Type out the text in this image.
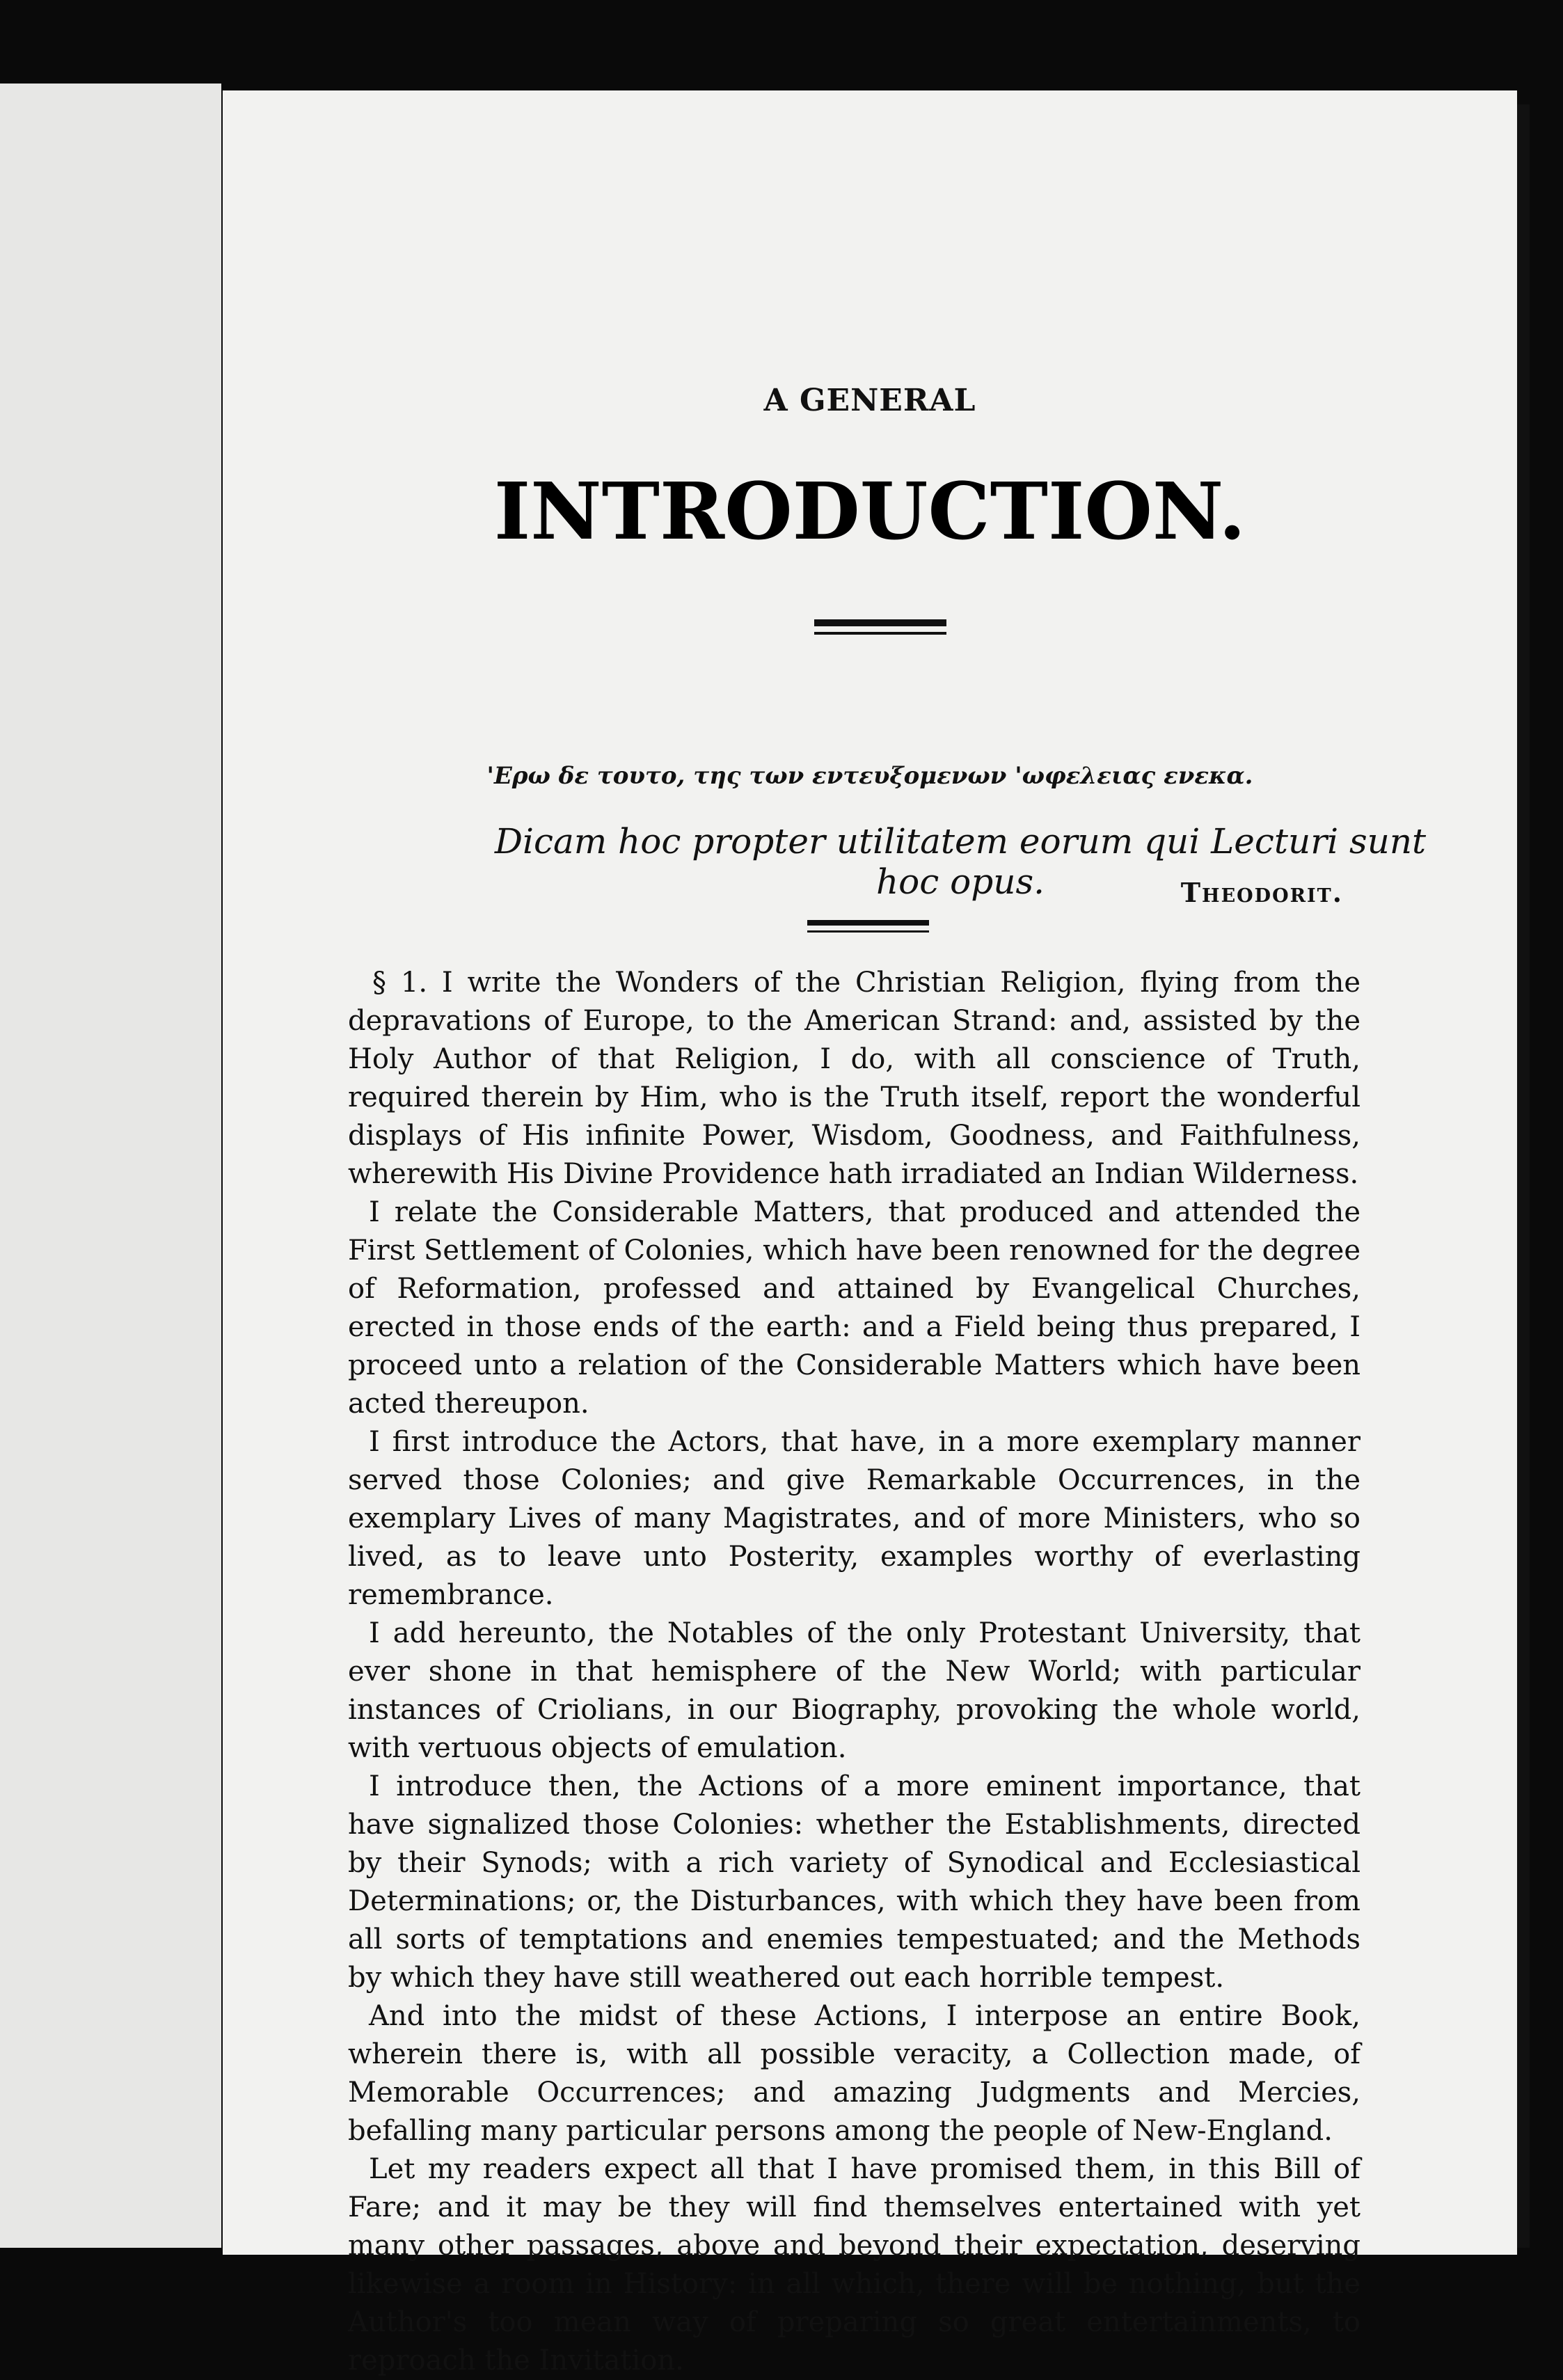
A GENERAL
INTRODUCTION.
'Ερω δε τουτο, της των εντευξομενων 'ωφελειας ενεκα.
Dicam hoc propter utilitatem eorum qui Lecturi sunt hoc opus.	Theodorit.

§ 1. I write the Wonders of the Christian Religion, flying from the depravations of Europe, to the American Strand: and, assisted by the Holy Author of that Religion, I do, with all conscience of Truth, required therein by Him, who is the Truth itself, report the wonderful displays of His infinite Power, Wisdom, Goodness, and Faithfulness, wherewith His Divine Providence hath irradiated an Indian Wilderness.

I relate the Considerable Matters, that produced and attended the First Settlement of Colonies, which have been renowned for the degree of Reformation, professed and attained by Evangelical Churches, erected in those ends of the earth: and a Field being thus prepared, I proceed unto a relation of the Considerable Matters which have been acted thereupon.

I first introduce the Actors, that have, in a more exemplary manner served those Colonies; and give Remarkable Occurrences, in the exemplary Lives of many Magistrates, and of more Ministers, who so lived, as to leave unto Posterity, examples worthy of everlasting remembrance.

I add hereunto, the Notables of the only Protestant University, that ever shone in that hemisphere of the New World; with particular instances of Criolians, in our Biography, provoking the whole world, with vertuous objects of emulation.

I introduce then, the Actions of a more eminent importance, that have signalized those Colonies: whether the Establishments, directed by their Synods; with a rich variety of Synodical and Ecclesiastical Determinations; or, the Disturbances, with which they have been from all sorts of temptations and enemies tempestuated; and the Methods by which they have still weathered out each horrible tempest.

And into the midst of these Actions, I interpose an entire Book, wherein there is, with all possible veracity, a Collection made, of Memorable Occurrences; and amazing Judgments and Mercies, befalling many particular persons among the people of New-England.

Let my readers expect all that I have promised them, in this Bill of Fare; and it may be they will find themselves entertained with yet many other passages, above and beyond their expectation, deserving likewise a room in History: in all which, there will be nothing, but the Author's too mean way of preparing so great entertainments, to reproach the Invitation.
